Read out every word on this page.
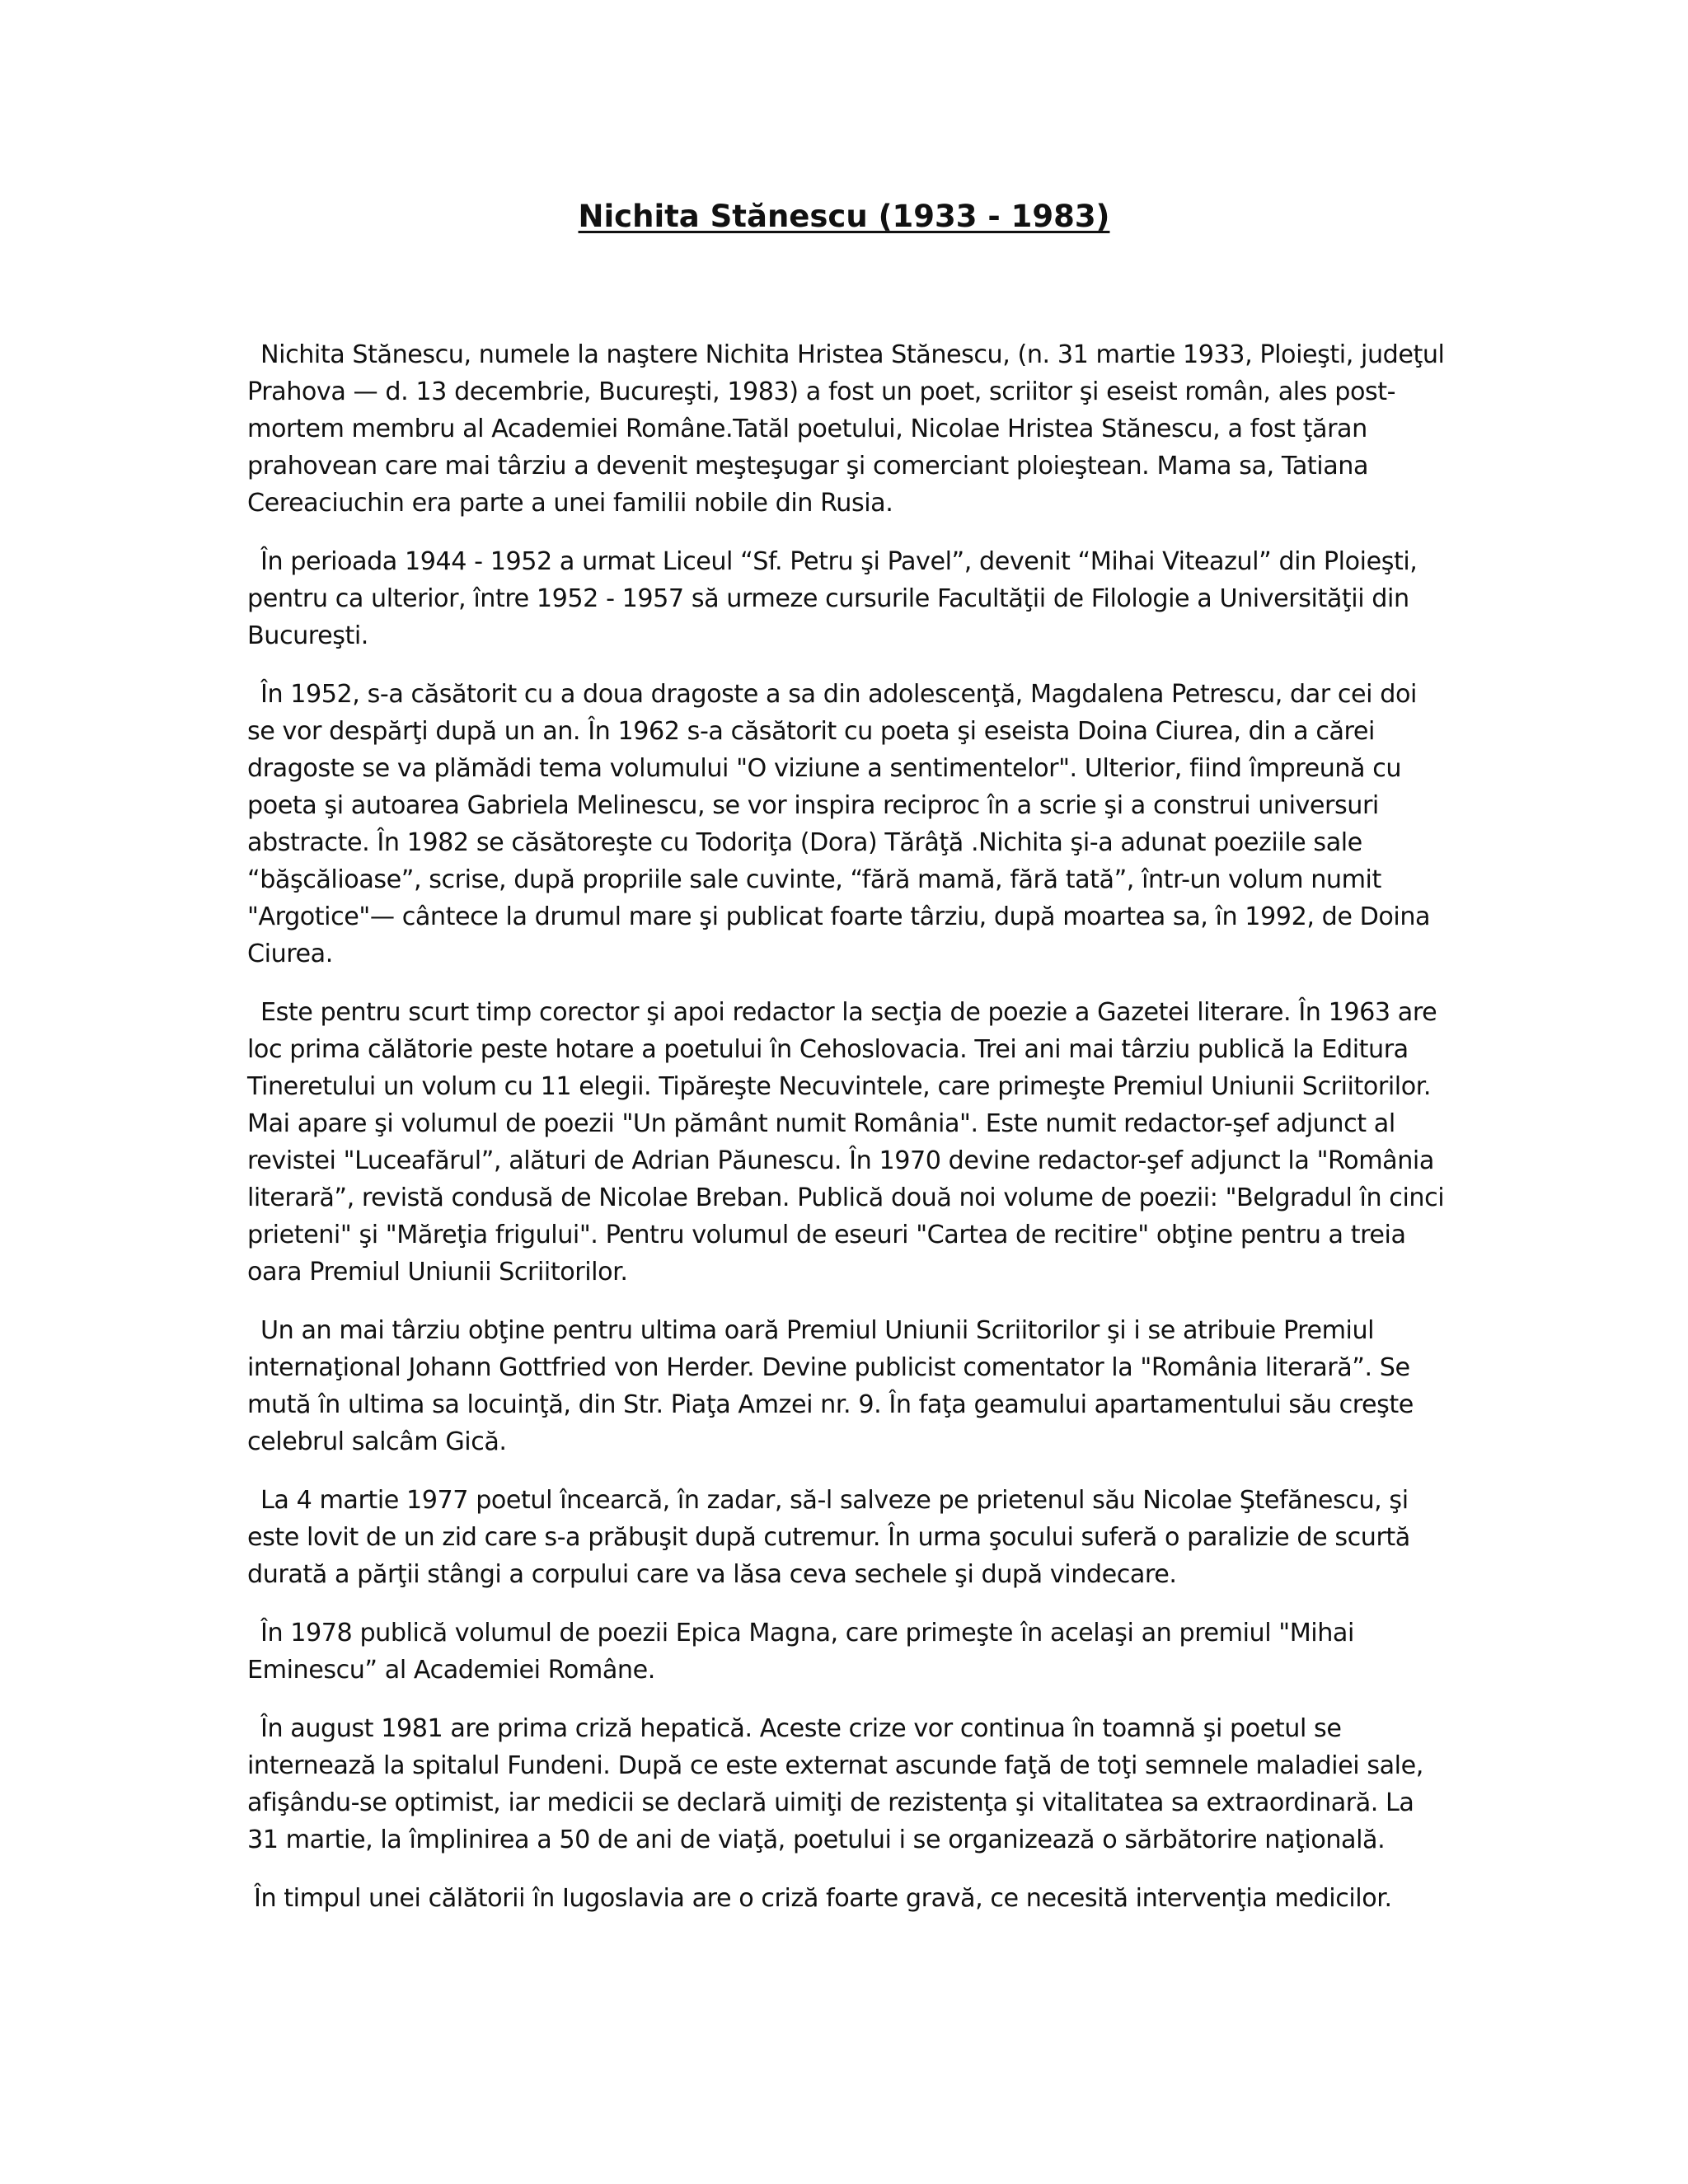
Nichita Stănescu (1933 - 1983)

Nichita Stănescu, numele la naştere Nichita Hristea Stănescu, (n. 31 martie 1933, Ploieşti, judeţul Prahova — d. 13 decembrie, Bucureşti, 1983) a fost un poet, scriitor şi eseist român, ales post-mortem membru al Academiei Române.Tatăl poetului, Nicolae Hristea Stănescu, a fost ţăran prahovean care mai târziu a devenit meşteşugar şi comerciant ploieştean. Mama sa, Tatiana Cereaciuchin era parte a unei familii nobile din Rusia.

În perioada 1944 - 1952 a urmat Liceul “Sf. Petru şi Pavel”, devenit “Mihai Viteazul” din Ploieşti, pentru ca ulterior, între 1952 - 1957 să urmeze cursurile Facultăţii de Filologie a Universităţii din Bucureşti.

În 1952, s-a căsătorit cu a doua dragoste a sa din adolescenţă, Magdalena Petrescu, dar cei doi se vor despărţi după un an. În 1962 s-a căsătorit cu poeta şi eseista Doina Ciurea, din a cărei dragoste se va plămădi tema volumului "O viziune a sentimentelor". Ulterior, fiind împreună cu poeta şi autoarea Gabriela Melinescu, se vor inspira reciproc în a scrie şi a construi universuri abstracte. În 1982 se căsătoreşte cu Todoriţa (Dora) Tărâţă .Nichita şi-a adunat poeziile sale “băşcălioase”, scrise, după propriile sale cuvinte, “fără mamă, fără tată”, într-un volum numit "Argotice"— cântece la drumul mare şi publicat foarte târziu, după moartea sa, în 1992, de Doina Ciurea.

Este pentru scurt timp corector şi apoi redactor la secţia de poezie a Gazetei literare. În 1963 are loc prima călătorie peste hotare a poetului în Cehoslovacia. Trei ani mai târziu publică la Editura Tineretului un volum cu 11 elegii. Tipăreşte Necuvintele, care primeşte Premiul Uniunii Scriitorilor. Mai apare şi volumul de poezii "Un pământ numit România". Este numit redactor-şef adjunct al revistei "Luceafărul”, alături de Adrian Păunescu. În 1970 devine redactor-şef adjunct la "România literară”, revistă condusă de Nicolae Breban. Publică două noi volume de poezii: "Belgradul în cinci prieteni" şi "Măreţia frigului". Pentru volumul de eseuri "Cartea de recitire" obţine pentru a treia oara Premiul Uniunii Scriitorilor.

Un an mai târziu obţine pentru ultima oară Premiul Uniunii Scriitorilor şi i se atribuie Premiul internaţional Johann Gottfried von Herder. Devine publicist comentator la "România literară”. Se mută în ultima sa locuinţă, din Str. Piaţa Amzei nr. 9. În faţa geamului apartamentului său creşte celebrul salcâm Gică.

La 4 martie 1977 poetul încearcă, în zadar, să-l salveze pe prietenul său Nicolae Ştefănescu, şi este lovit de un zid care s-a prăbuşit după cutremur. În urma şocului suferă o paralizie de scurtă durată a părţii stângi a corpului care va lăsa ceva sechele şi după vindecare.

În 1978 publică volumul de poezii Epica Magna, care primeşte în acelaşi an premiul "Mihai Eminescu” al Academiei Române.

În august 1981 are prima criză hepatică. Aceste crize vor continua în toamnă şi poetul se internează la spitalul Fundeni. După ce este externat ascunde faţă de toţi semnele maladiei sale, afişându-se optimist, iar medicii se declară uimiţi de rezistenţa şi vitalitatea sa extraordinară. La 31 martie, la împlinirea a 50 de ani de viaţă, poetului i se organizează o sărbătorire naţională.

În timpul unei călătorii în Iugoslavia are o criză foarte gravă, ce necesită intervenţia medicilor.
